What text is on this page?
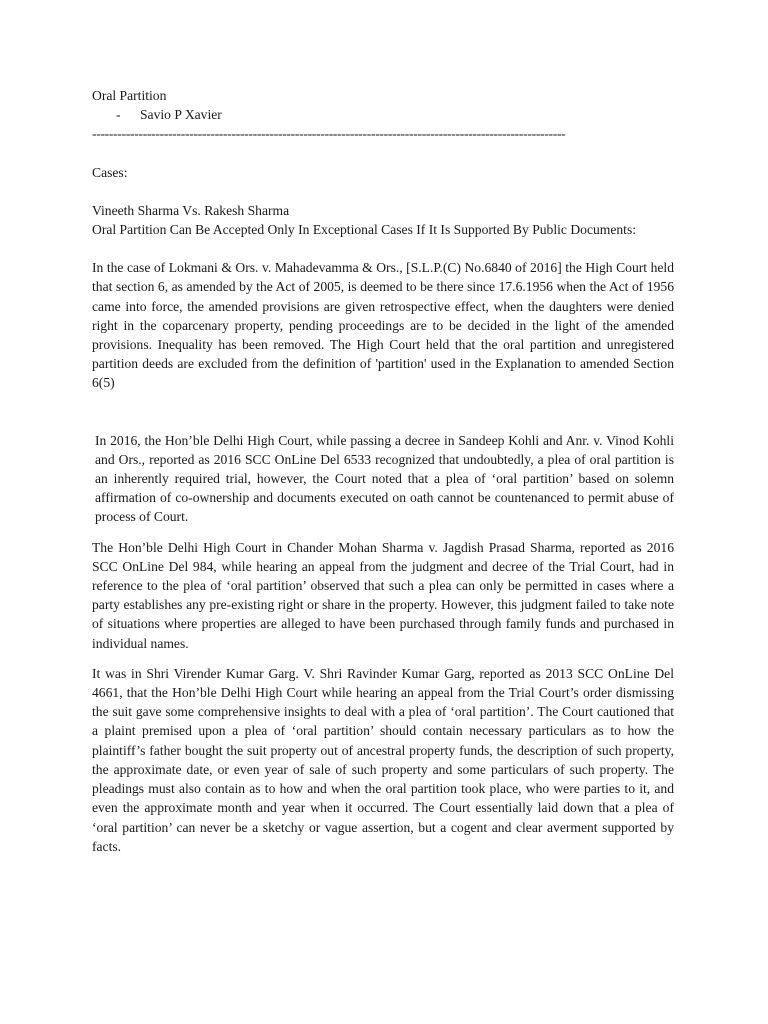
Oral Partition

- Savio P Xavier

----------------------------------------------------------------------------------------------------------------

Cases:

Vineeth Sharma Vs. Rakesh Sharma

Oral Partition Can Be Accepted Only In Exceptional Cases If It Is Supported By Public Documents:

In the case of Lokmani & Ors. v. Mahadevamma & Ors., [S.L.P.(C) No.6840 of 2016] the High Court held that section 6, as amended by the Act of 2005, is deemed to be there since 17.6.1956 when the Act of 1956 came into force, the amended provisions are given retrospective effect, when the daughters were denied right in the coparcenary property, pending proceedings are to be decided in the light of the amended provisions. Inequality has been removed. The High Court held that the oral partition and unregistered partition deeds are excluded from the definition of 'partition' used in the Explanation to amended Section 6(5)

In 2016, the Hon’ble Delhi High Court, while passing a decree in Sandeep Kohli and Anr. v. Vinod Kohli and Ors., reported as 2016 SCC OnLine Del 6533 recognized that undoubtedly, a plea of oral partition is an inherently required trial, however, the Court noted that a plea of ‘oral partition’ based on solemn affirmation of co-ownership and documents executed on oath cannot be countenanced to permit abuse of process of Court.

The Hon’ble Delhi High Court in Chander Mohan Sharma v. Jagdish Prasad Sharma, reported as 2016 SCC OnLine Del 984, while hearing an appeal from the judgment and decree of the Trial Court, had in reference to the plea of ‘oral partition’ observed that such a plea can only be permitted in cases where a party establishes any pre-existing right or share in the property. However, this judgment failed to take note of situations where properties are alleged to have been purchased through family funds and purchased in individual names.

It was in Shri Virender Kumar Garg. V. Shri Ravinder Kumar Garg, reported as 2013 SCC OnLine Del 4661, that the Hon’ble Delhi High Court while hearing an appeal from the Trial Court’s order dismissing the suit gave some comprehensive insights to deal with a plea of ‘oral partition’. The Court cautioned that a plaint premised upon a plea of ‘oral partition’ should contain necessary particulars as to how the plaintiff’s father bought the suit property out of ancestral property funds, the description of such property, the approximate date, or even year of sale of such property and some particulars of such property. The pleadings must also contain as to how and when the oral partition took place, who were parties to it, and even the approximate month and year when it occurred. The Court essentially laid down that a plea of ‘oral partition’ can never be a sketchy or vague assertion, but a cogent and clear averment supported by facts.
